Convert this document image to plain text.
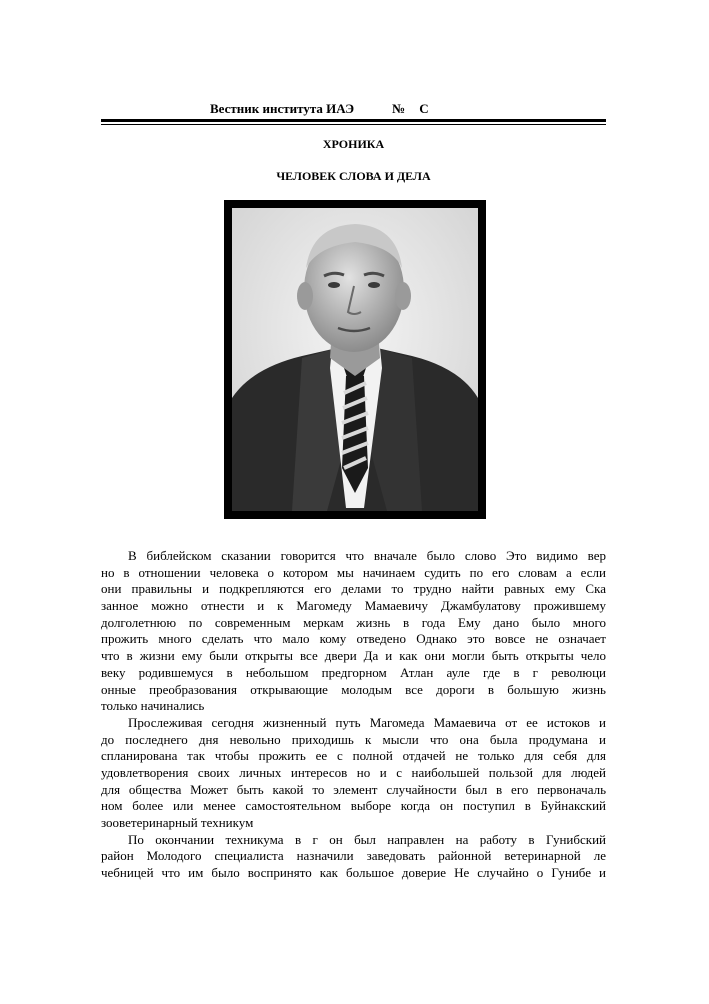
Вестник института ИАЭ	№ С
ХРОНИКА
ЧЕЛОВЕК СЛОВА И ДЕЛА
В библейском сказании говорится что вначале было слово Это видимо вер
но в отношении человека о котором мы начинаем судить по его словам а если
они правильны и подкрепляются его делами то трудно найти равных ему Ска
занное можно отнести и к Магомеду Мамаевичу Джамбулатову прожившему
долголетнюю по современным меркам жизнь в года Ему дано было много
прожить много сделать что мало кому отведено Однако это вовсе не означает
что в жизни ему были открыты все двери Да и как они могли быть открыты чело
веку родившемуся в небольшом предгорном Атлан ауле где в г революци
онные преобразования открывающие молодым все дороги в большую жизнь
только начинались
Прослеживая сегодня жизненный путь Магомеда Мамаевича от ее истоков и
до последнего дня невольно приходишь к мысли что она была продумана и
спланирована так чтобы прожить ее с полной отдачей не только для себя для
удовлетворения своих личных интересов но и с наибольшей пользой для людей
для общества Может быть какой то элемент случайности был в его первоначаль
ном более или менее самостоятельном выборе когда он поступил в Буйнакский
зооветеринарный техникум
По окончании техникума в г он был направлен на работу в Гунибский
район Молодого специалиста назначили заведовать районной ветеринарной ле
чебницей что им было воспринято как большое доверие Не случайно о Гунибе и
